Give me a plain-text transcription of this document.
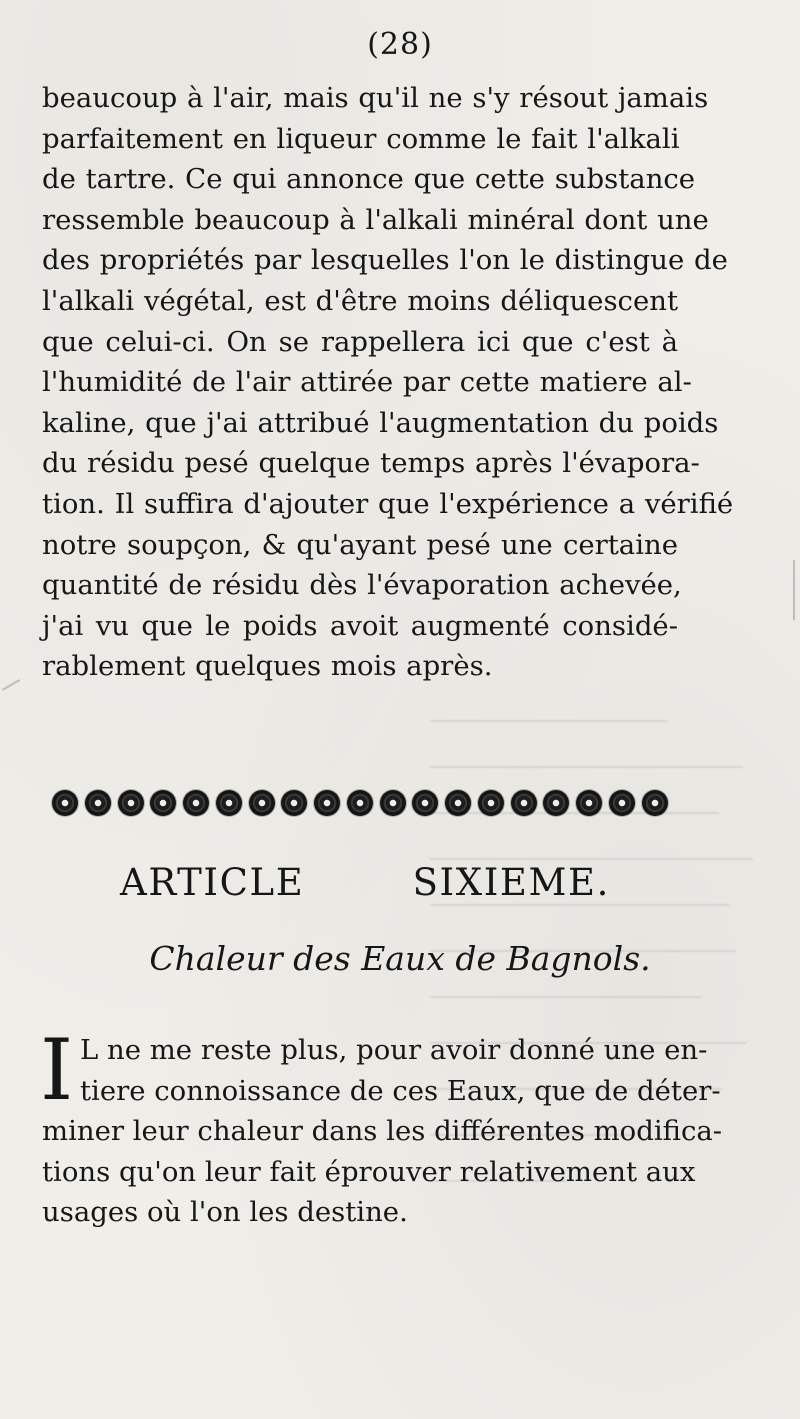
(28)
beaucoup à l'air, mais qu'il ne s'y résout jamais
parfaitement en liqueur comme le fait l'alkali
de tartre. Ce qui annonce que cette substance
ressemble beaucoup à l'alkali minéral dont une
des propriétés par lesquelles l'on le distingue de
l'alkali végétal, est d'être moins déliquescent
que celui-ci. On se rappellera ici que c'est à
l'humidité de l'air attirée par cette matiere al-
kaline, que j'ai attribué l'augmentation du poids
du résidu pesé quelque temps après l'évapora-
tion. Il suffira d'ajouter que l'expérience a vérifié
notre soupçon, & qu'ayant pesé une certaine
quantité de résidu dès l'évaporation achevée,
j'ai vu que le poids avoit augmenté considé-
rablement quelques mois après.
ARTICLE	SIXIEME.
Chaleur des Eaux de Bagnols.
I L ne me reste plus, pour avoir donné une en-
tiere connoissance de ces Eaux, que de déter-
miner leur chaleur dans les différentes modifica-
tions qu'on leur fait éprouver relativement aux
usages où l'on les destine.
